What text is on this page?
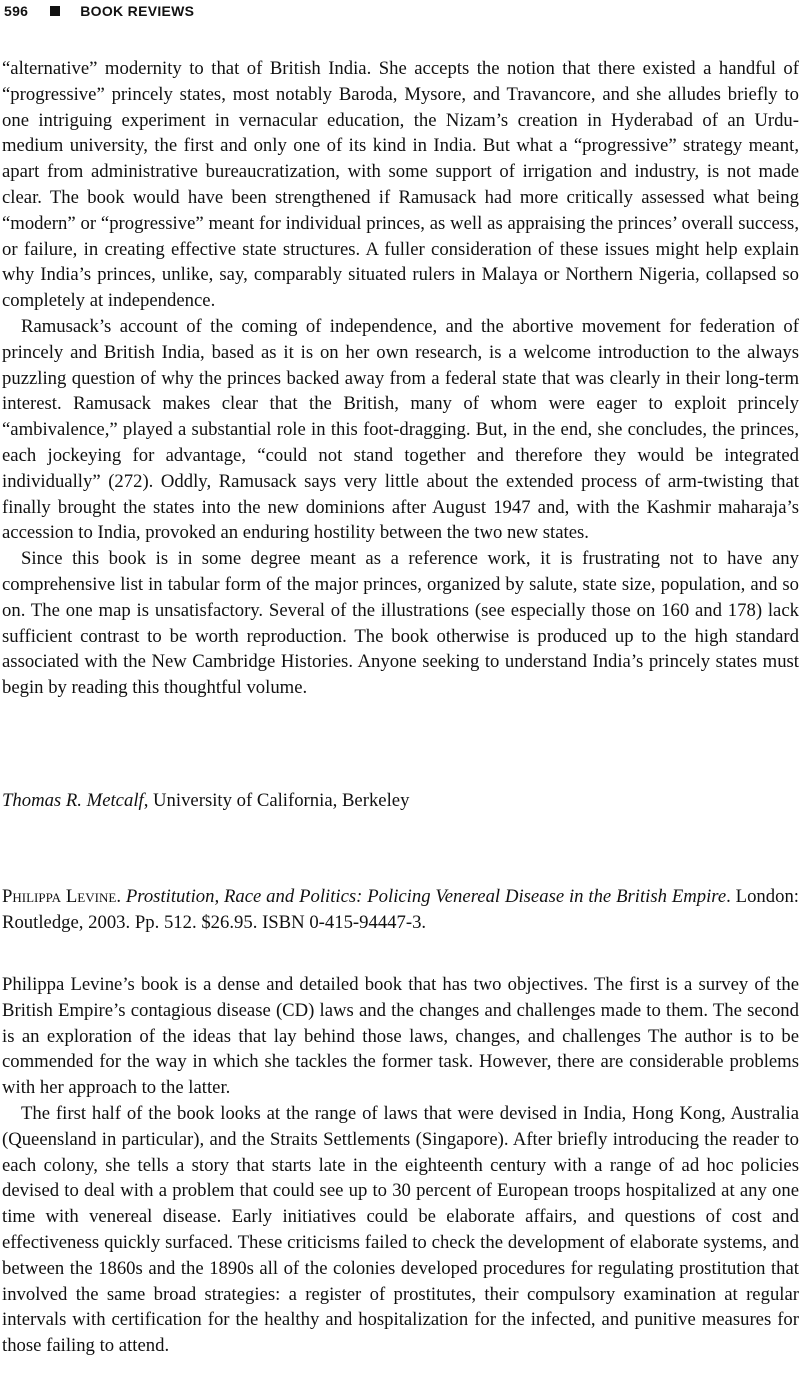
596	BOOK REVIEWS

“alternative” modernity to that of British India. She accepts the notion that there existed a handful of “progressive” princely states, most notably Baroda, Mysore, and Travancore, and she alludes briefly to one intriguing experiment in vernacular education, the Nizam’s creation in Hyderabad of an Urdu-medium university, the first and only one of its kind in India. But what a “progressive” strategy meant, apart from administrative bureaucratization, with some support of irrigation and industry, is not made clear. The book would have been strengthened if Ramusack had more critically assessed what being “modern” or “progressive” meant for individual princes, as well as appraising the princes’ overall success, or failure, in creating effective state structures. A fuller consideration of these issues might help explain why India’s princes, unlike, say, comparably situated rulers in Malaya or Northern Nigeria, collapsed so completely at independence.

Ramusack’s account of the coming of independence, and the abortive movement for federation of princely and British India, based as it is on her own research, is a welcome introduction to the always puzzling question of why the princes backed away from a federal state that was clearly in their long-term interest. Ramusack makes clear that the British, many of whom were eager to exploit princely “ambivalence,” played a substantial role in this foot-dragging. But, in the end, she concludes, the princes, each jockeying for advantage, “could not stand together and therefore they would be integrated individually” (272). Oddly, Ramusack says very little about the extended process of arm-twisting that finally brought the states into the new dominions after August 1947 and, with the Kashmir maharaja’s accession to India, provoked an enduring hostility between the two new states.

Since this book is in some degree meant as a reference work, it is frustrating not to have any comprehensive list in tabular form of the major princes, organized by salute, state size, population, and so on. The one map is unsatisfactory. Several of the illustrations (see especially those on 160 and 178) lack sufficient contrast to be worth reproduction. The book otherwise is produced up to the high standard associated with the New Cambridge Histories. Anyone seeking to understand India’s princely states must begin by reading this thoughtful volume.

Thomas R. Metcalf, University of California, Berkeley
Philippa Levine. Prostitution, Race and Politics: Policing Venereal Disease in the British Empire. London: Routledge, 2003. Pp. 512. $26.95. ISBN 0-415-94447-3.

Philippa Levine’s book is a dense and detailed book that has two objectives. The first is a survey of the British Empire’s contagious disease (CD) laws and the changes and challenges made to them. The second is an exploration of the ideas that lay behind those laws, changes, and challenges The author is to be commended for the way in which she tackles the former task. However, there are considerable problems with her approach to the latter.

The first half of the book looks at the range of laws that were devised in India, Hong Kong, Australia (Queensland in particular), and the Straits Settlements (Singapore). After briefly introducing the reader to each colony, she tells a story that starts late in the eighteenth century with a range of ad hoc policies devised to deal with a problem that could see up to 30 percent of European troops hospitalized at any one time with venereal disease. Early initiatives could be elaborate affairs, and questions of cost and effectiveness quickly surfaced. These criticisms failed to check the development of elaborate systems, and between the 1860s and the 1890s all of the colonies developed procedures for regulating prostitution that involved the same broad strategies: a register of prostitutes, their compulsory examination at regular intervals with certification for the healthy and hospitalization for the infected, and punitive measures for those failing to attend.
